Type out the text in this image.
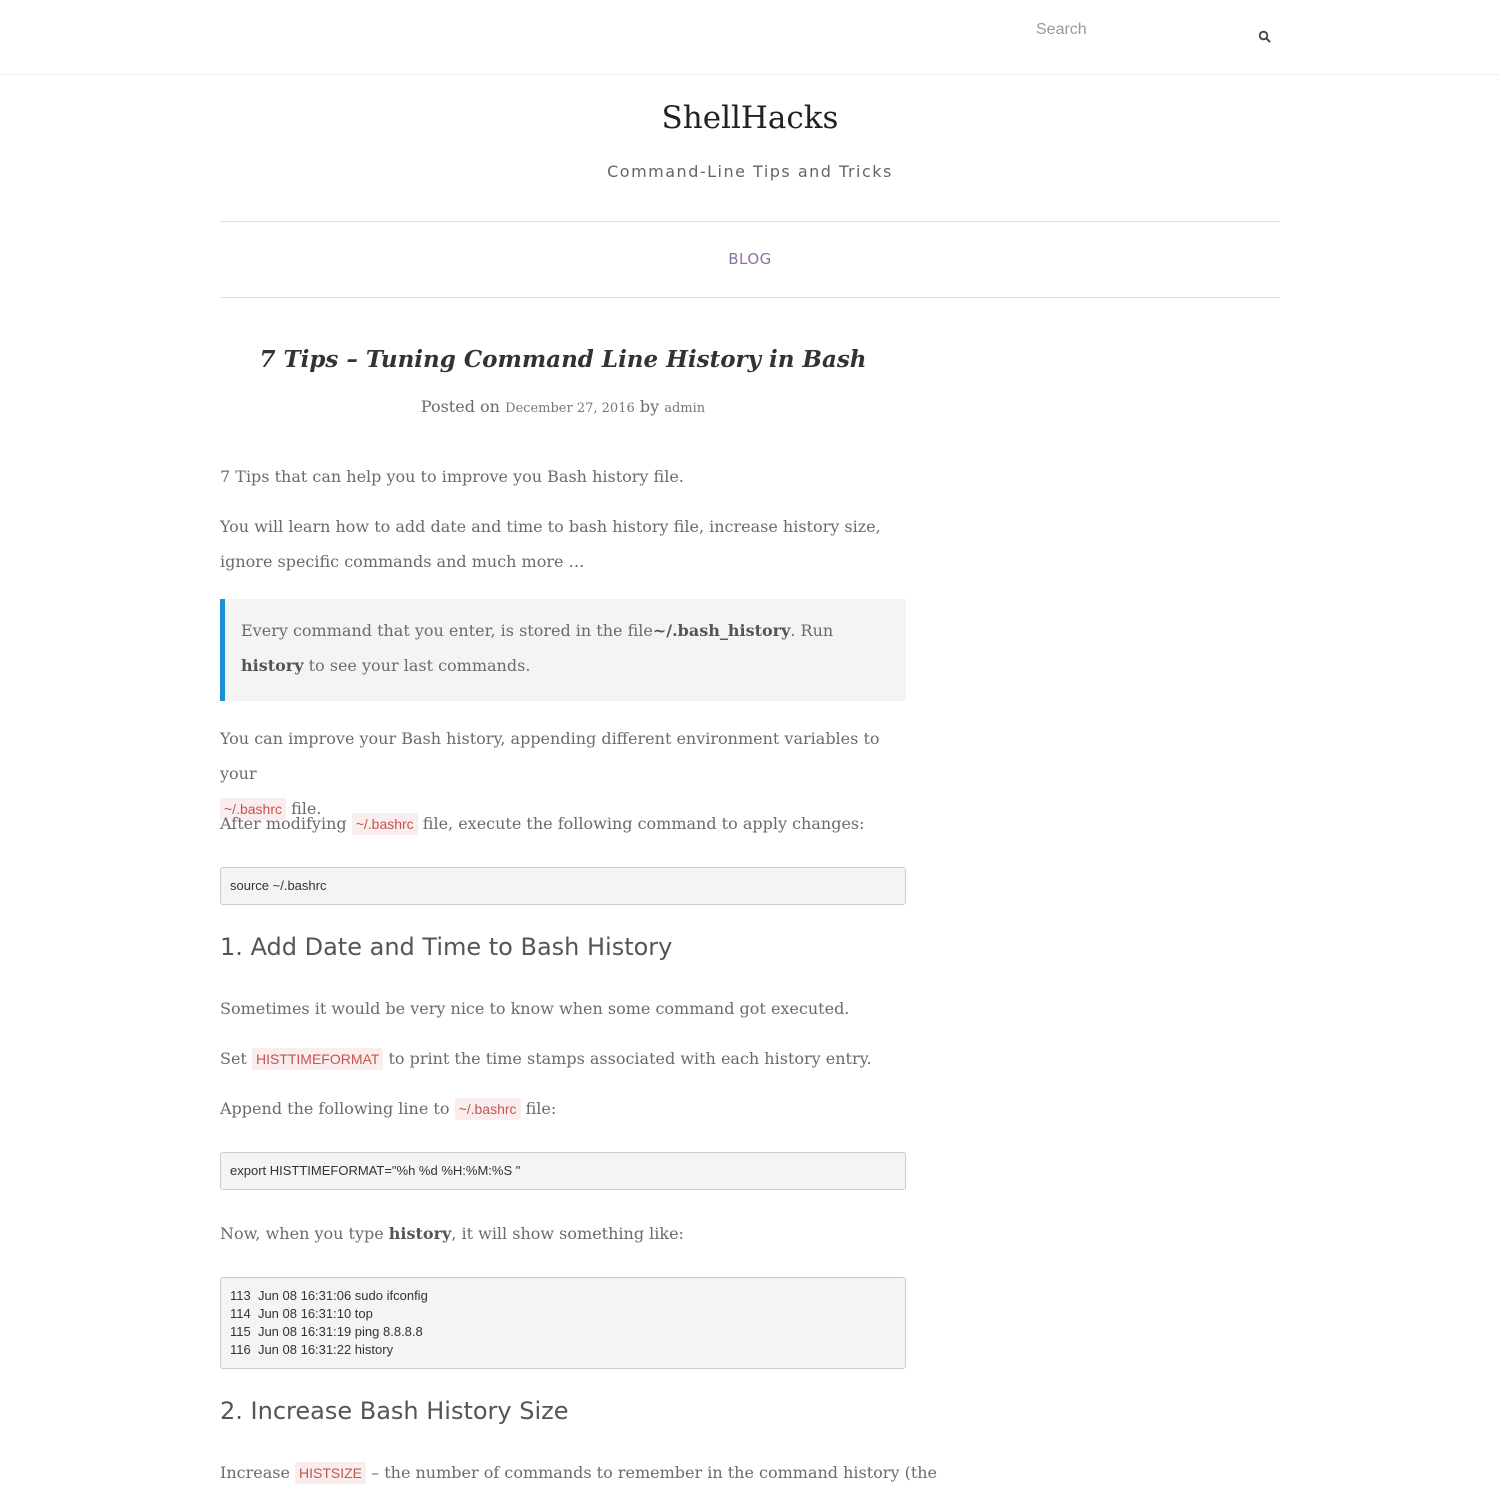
Search
ShellHacks
Command-Line Tips and Tricks
BLOG
7 Tips – Tuning Command Line History in Bash
Posted on December 27, 2016 by admin

7 Tips that can help you to improve you Bash history file.

You will learn how to add date and time to bash history file, increase history size, ignore specific commands and much more …

Every command that you enter, is stored in the file~/.bash_history. Run history to see your last commands.

You can improve your Bash history, appending different environment variables to your
~/.bashrc file.

After modifying ~/.bashrc file, execute the following command to apply changes:

source ~/.bashrc
1. Add Date and Time to Bash History

Sometimes it would be very nice to know when some command got executed.

Set HISTTIMEFORMAT to print the time stamps associated with each history entry.

Append the following line to ~/.bashrc file:

export HISTTIMEFORMAT="%h %d %H:%M:%S "

Now, when you type history, it will show something like:

113  Jun 08 16:31:06 sudo ifconfig
114  Jun 08 16:31:10 top
115  Jun 08 16:31:19 ping 8.8.8.8
116  Jun 08 16:31:22 history
2. Increase Bash History Size

Increase HISTSIZE – the number of commands to remember in the command history (the
